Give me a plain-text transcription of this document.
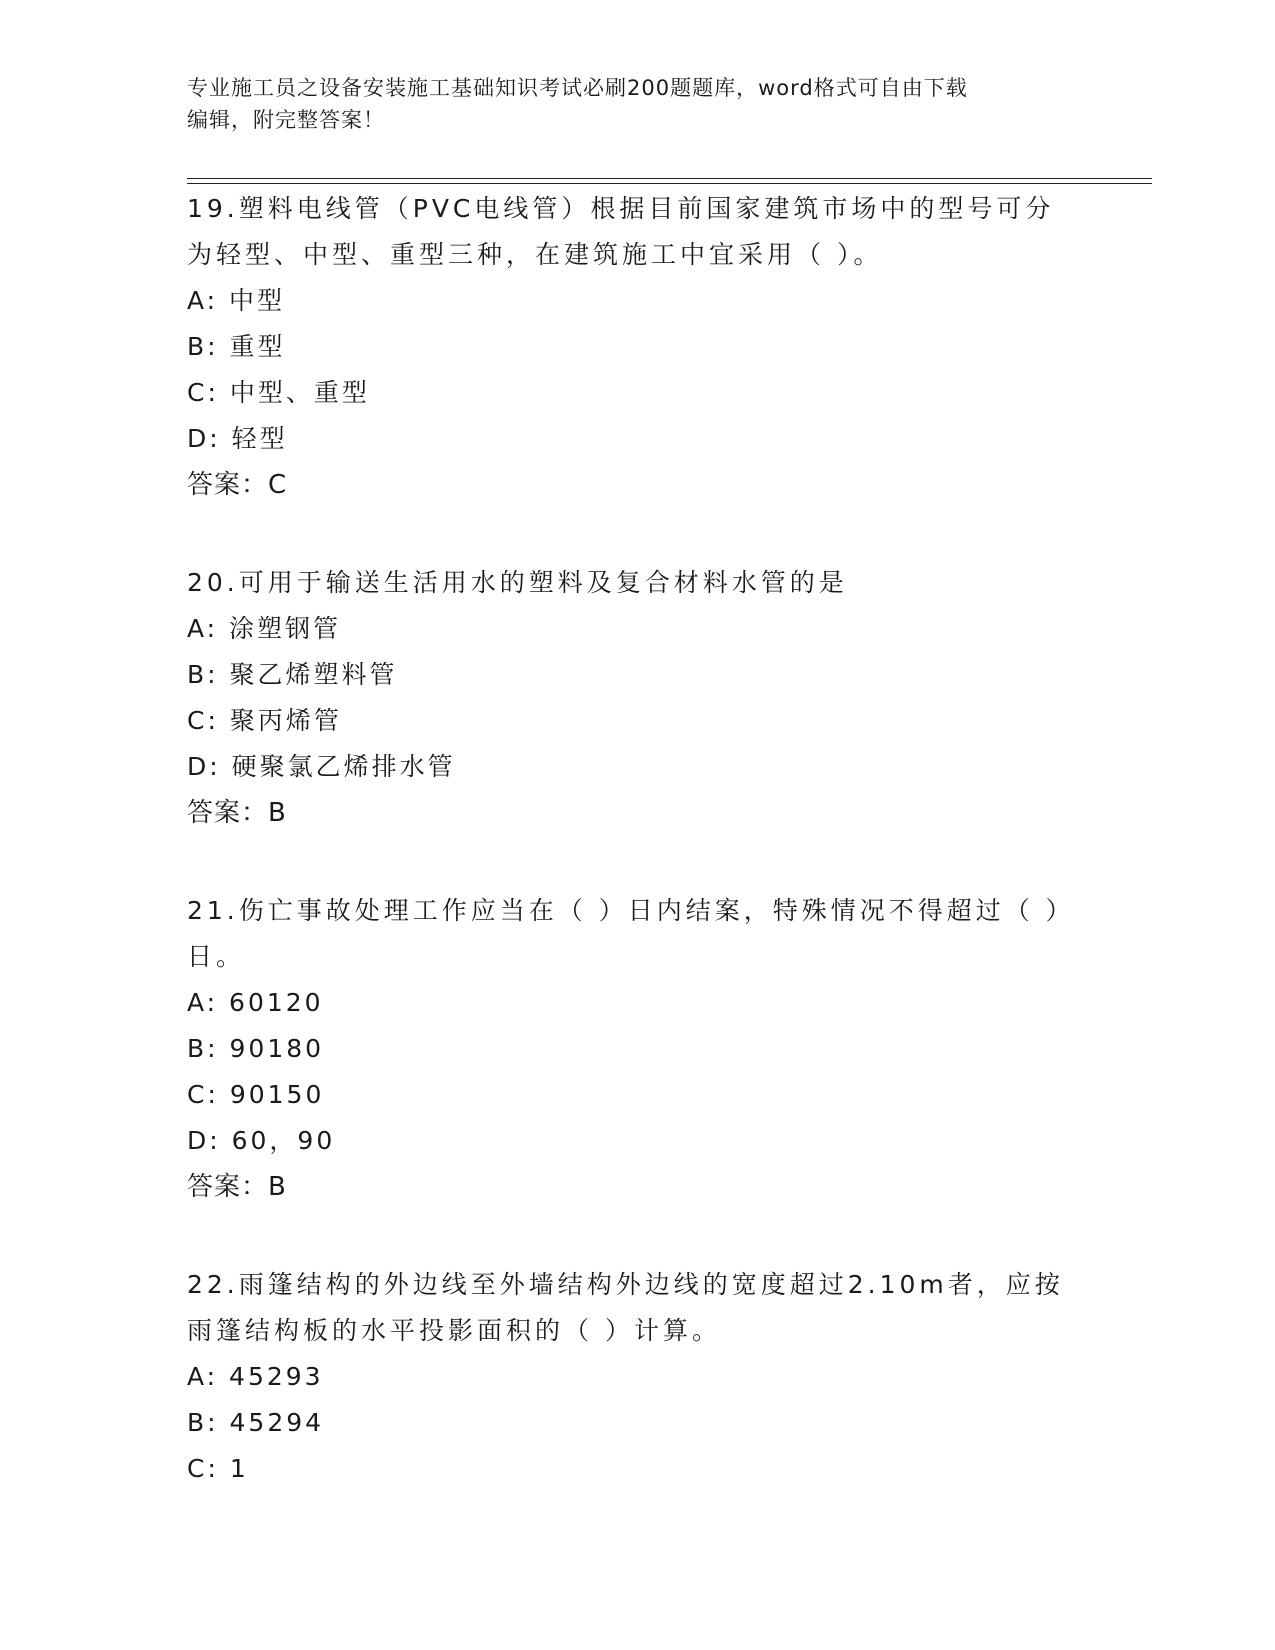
专业施工员之设备安装施工基础知识考试必刷200题题库，word格式可自由下载
编辑，附完整答案！

19.塑料电线管（PVC电线管）根据目前国家建筑市场中的型号可分为轻型、中型、重型三种，在建筑施工中宜采用（ ）。

A: 中型

B: 重型

C: 中型、重型

D: 轻型

答案：C

20.可用于输送生活用水的塑料及复合材料水管的是

A: 涂塑钢管

B: 聚乙烯塑料管

C: 聚丙烯管

D: 硬聚氯乙烯排水管

答案：B

21.伤亡事故处理工作应当在（ ）日内结案，特殊情况不得超过（ ）日。

A: 60120

B: 90180

C: 90150

D: 60，90

答案：B

22.雨篷结构的外边线至外墙结构外边线的宽度超过2.10m者，应按雨篷结构板的水平投影面积的（ ）计算。

A: 45293

B: 45294

C: 1
